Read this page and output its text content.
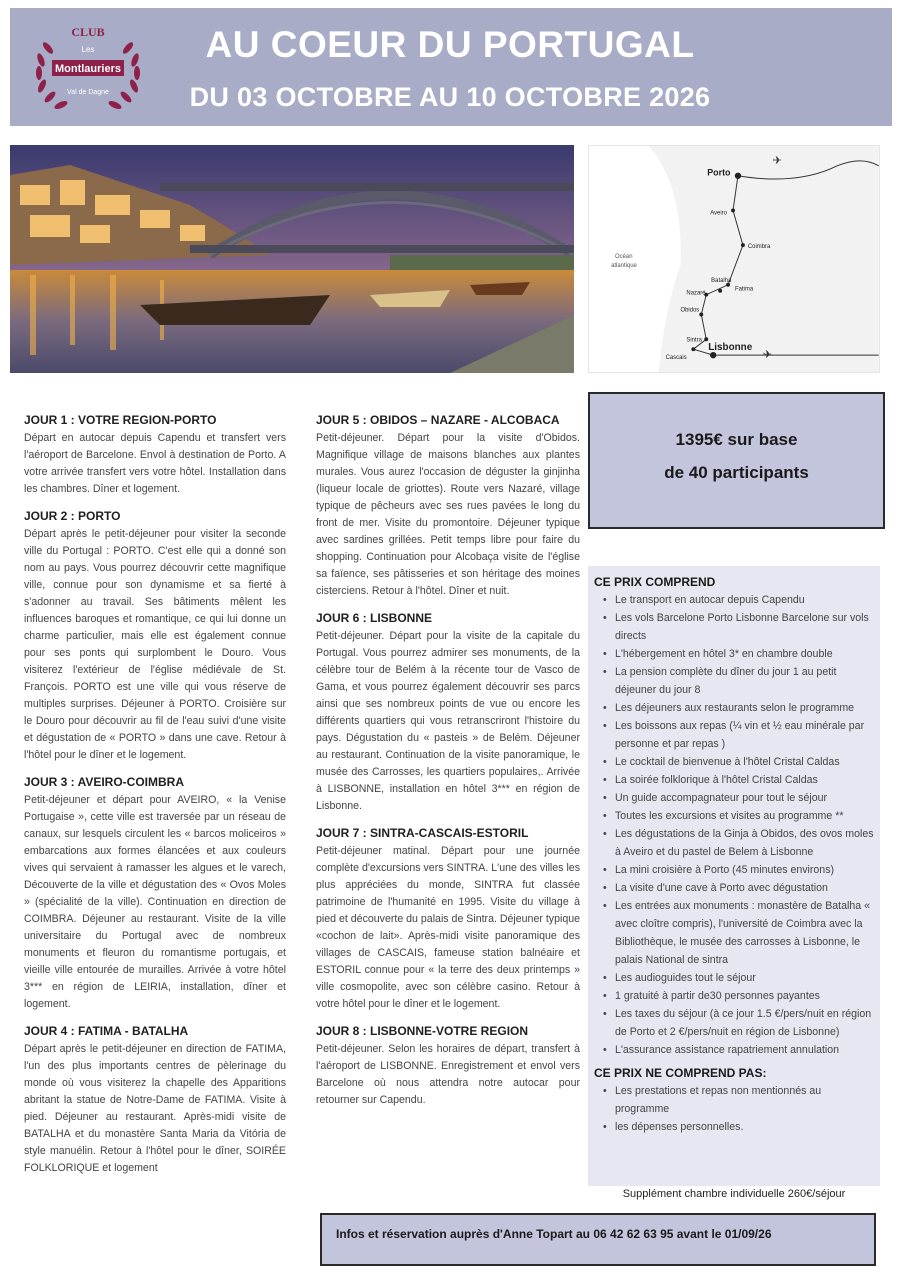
CLUB
Les
Montlauriers
Val de Dagne
AU COEUR DU PORTUGAL
DU 03 OCTOBRE AU 10 OCTOBRE 2026
✈
✈
Porto
Aveiro
Coimbra
Batalha
Fatima
Nazaré
Obidos
Sintra
Cascais
Lisbonne
Océan
atlantique
JOUR 1 : VOTRE REGION-PORTO

Départ en autocar depuis Capendu et transfert vers l'aéroport de Barcelone. Envol à destination de Porto. A votre arrivée transfert vers votre hôtel. Installation dans les chambres. Dîner et logement.

JOUR 2 : PORTO

Départ après le petit-déjeuner pour visiter la seconde ville du Portugal : PORTO. C'est elle qui a donné son nom au pays. Vous pourrez découvrir cette magnifique ville, connue pour son dynamisme et sa fierté à s'adonner au travail. Ses bâtiments mêlent les influences baroques et romantique, ce qui lui donne un charme particulier, mais elle est également connue pour ses ponts qui surplombent le Douro. Vous visiterez l'extérieur de l'église médiévale de St. François. PORTO est une ville qui vous réserve de multiples surprises. Déjeuner à PORTO. Croisière sur le Douro pour découvrir au fil de l'eau suivi d'une visite et dégustation de « PORTO » dans une cave. Retour à l'hôtel pour le dîner et le logement.

JOUR 3 : AVEIRO-COIMBRA

Petit-déjeuner et départ pour AVEIRO, « la Venise Portugaise », cette ville est traversée par un réseau de canaux, sur lesquels circulent les « barcos moliceiros » embarcations aux formes élancées et aux couleurs vives qui servaient à ramasser les algues et le varech, Découverte de la ville et dégustation des « Ovos Moles » (spécialité de la ville). Continuation en direction de COIMBRA. Déjeuner au restaurant. Visite de la ville universitaire du Portugal avec de nombreux monuments et fleuron du romantisme portugais, et vieille ville entourée de murailles. Arrivée à votre hôtel 3*** en région de LEIRIA, installation, dîner et logement.

JOUR 4 : FATIMA - BATALHA

Départ après le petit-déjeuner en direction de FATIMA, l'un des plus importants centres de pèlerinage du monde où vous visiterez la chapelle des Apparitions abritant la statue de Notre-Dame de FATIMA. Visite à pied. Déjeuner au restaurant. Après-midi visite de BATALHA et du monastère Santa Maria da Vitória de style manuélin. Retour à l'hôtel pour le dîner, SOIRÉE FOLKLORIQUE et logement

JOUR 5 : OBIDOS – NAZARE - ALCOBACA

Petit-déjeuner. Départ pour la visite d'Obidos. Magnifique village de maisons blanches aux plantes murales. Vous aurez l'occasion de déguster la ginjinha (liqueur locale de griottes). Route vers Nazaré, village typique de pêcheurs avec ses rues pavées le long du front de mer. Visite du promontoire. Déjeuner typique avec sardines grillées. Petit temps libre pour faire du shopping. Continuation pour Alcobaça visite de l'église sa faïence, ses pâtisseries et son héritage des moines cisterciens. Retour à l'hôtel. Dîner et nuit.

JOUR 6 : LISBONNE

Petit-déjeuner. Départ pour la visite de la capitale du Portugal. Vous pourrez admirer ses monuments, de la célèbre tour de Belém à la récente tour de Vasco de Gama, et vous pourrez également découvrir ses parcs ainsi que ses nombreux points de vue ou encore les différents quartiers qui vous retranscriront l'histoire du pays. Dégustation du « pasteis » de Belém. Déjeuner au restaurant. Continuation de la visite panoramique, le musée des Carrosses, les quartiers populaires,. Arrivée à LISBONNE, installation en hôtel 3*** en région de Lisbonne.

JOUR 7 : SINTRA-CASCAIS-ESTORIL

Petit-déjeuner matinal. Départ pour une journée complète d'excursions vers SINTRA. L'une des villes les plus appréciées du monde, SINTRA fut classée patrimoine de l'humanité en 1995. Visite du village à pied et découverte du palais de Sintra. Déjeuner typique «cochon de lait». Après-midi visite panoramique des villages de CASCAIS, fameuse station balnéaire et ESTORIL connue pour « la terre des deux printemps » ville cosmopolite, avec son célèbre casino. Retour à votre hôtel pour le dîner et le logement.

JOUR 8 : LISBONNE-VOTRE REGION

Petit-déjeuner. Selon les horaires de départ, transfert à l'aéroport de LISBONNE. Enregistrement et envol vers Barcelone où nous attendra notre autocar pour retourner sur Capendu.

1395€ sur base
de 40 participants
CE PRIX COMPREND
• Le transport en autocar depuis Capendu
• Les vols Barcelone Porto Lisbonne Barcelone sur vols directs
• L'hébergement en hôtel 3* en chambre double
• La pension complète du dîner du jour 1 au petit déjeuner du jour 8
• Les déjeuners aux restaurants selon le programme
• Les boissons aux repas (¼ vin et ½ eau minérale par personne et par repas )
• Le cocktail de bienvenue à l'hôtel Cristal Caldas
• La soirée folklorique à l'hôtel Cristal Caldas
• Un guide accompagnateur pour tout le séjour
• Toutes les excursions et visites au programme **
• Les dégustations de la Ginja à Obidos, des ovos moles à Aveiro et du pastel de Belem à Lisbonne
• La mini croisière à Porto (45 minutes environs)
• La visite d'une cave à Porto avec dégustation
• Les entrées aux monuments : monastère de Batalha « avec cloître compris), l'université de Coimbra avec la Bibliothèque, le musée des carrosses à Lisbonne, le palais National de sintra
• Les audioguides tout le séjour
• 1 gratuité à partir de30 personnes payantes
• Les taxes du séjour (à ce jour 1.5 €/pers/nuit en région de Porto et 2 €/pers/nuit en région de Lisbonne)
• L'assurance assistance rapatriement annulation
CE PRIX NE COMPREND PAS:
• Les prestations et repas non mentionnés au programme
• les dépenses personnelles.
Supplément chambre individuelle 260€/séjour
Infos et réservation auprès d'Anne Topart au 06 42 62 63 95 avant le 01/09/26
